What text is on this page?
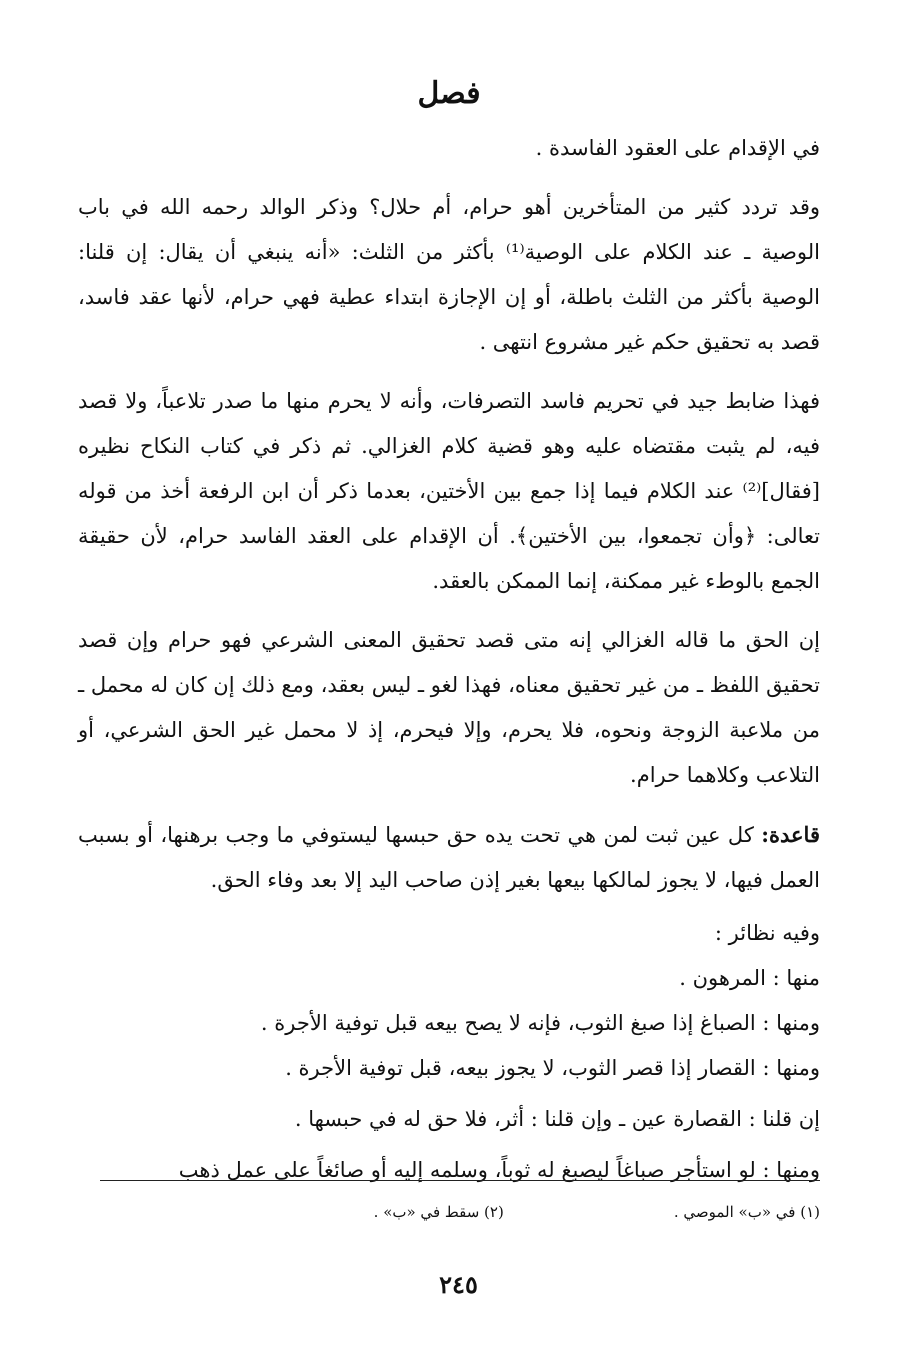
فصل

في الإقدام على العقود الفاسدة .

وقد تردد كثير من المتأخرين أهو حرام، أم حلال؟ وذكر الوالد رحمه الله في باب الوصية ـ عند الكلام على الوصية⁽¹⁾ بأكثر من الثلث: «أنه ينبغي أن يقال: إن قلنا: الوصية بأكثر من الثلث باطلة، أو إن الإجازة ابتداء عطية فهي حرام، لأنها عقد فاسد، قصد به تحقيق حكم غير مشروع انتهى .

فهذا ضابط جيد في تحريم فاسد التصرفات، وأنه لا يحرم منها ما صدر تلاعباً، ولا قصد فيه، لم يثبت مقتضاه عليه وهو قضية كلام الغزالي. ثم ذكر في كتاب النكاح نظيره [فقال]⁽²⁾ عند الكلام فيما إذا جمع بين الأختين، بعدما ذكر أن ابن الرفعة أخذ من قوله تعالى: ﴿وأن تجمعوا، بين الأختين﴾. أن الإقدام على العقد الفاسد حرام، لأن حقيقة الجمع بالوطء غير ممكنة، إنما الممكن بالعقد.

إن الحق ما قاله الغزالي إنه متى قصد تحقيق المعنى الشرعي فهو حرام وإن قصد تحقيق اللفظ ـ من غير تحقيق معناه، فهذا لغو ـ ليس بعقد، ومع ذلك إن كان له محمل ـ من ملاعبة الزوجة ونحوه، فلا يحرم، وإلا فيحرم، إذ لا محمل غير الحق الشرعي، أو التلاعب وكلاهما حرام.

قاعدة: كل عين ثبت لمن هي تحت يده حق حبسها ليستوفي ما وجب برهنها، أو بسبب العمل فيها، لا يجوز لمالكها بيعها بغير إذن صاحب اليد إلا بعد وفاء الحق.

وفيه نظائر :

منها : المرهون .

ومنها : الصباغ إذا صبغ الثوب، فإنه لا يصح بيعه قبل توفية الأجرة .

ومنها : القصار إذا قصر الثوب، لا يجوز بيعه، قبل توفية الأجرة .

إن قلنا : القصارة عين ـ وإن قلنا : أثر، فلا حق له في حبسها .

ومنها : لو استأجر صباغاً ليصبغ له ثوباً، وسلمه إليه أو صائغاً على عمل ذهب

(١) في «ب» الموصي .
(٢) سقط في «ب» .
٢٤٥
